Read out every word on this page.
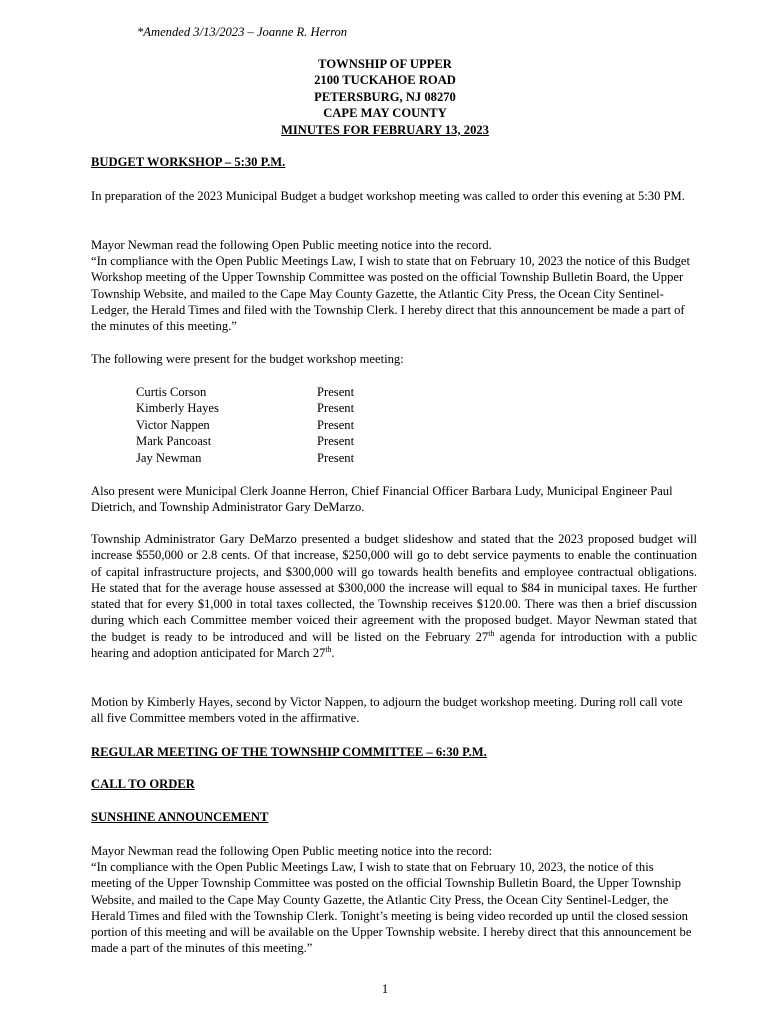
*Amended 3/13/2023 – Joanne R. Herron
TOWNSHIP OF UPPER
2100 TUCKAHOE ROAD
PETERSBURG, NJ 08270
CAPE MAY COUNTY
MINUTES FOR FEBRUARY 13, 2023
BUDGET WORKSHOP – 5:30 P.M.
In preparation of the 2023 Municipal Budget a budget workshop meeting was called to order this evening at 5:30 PM.
Mayor Newman read the following Open Public meeting notice into the record.
“In compliance with the Open Public Meetings Law, I wish to state that on February 10, 2023 the notice of this Budget Workshop meeting of the Upper Township Committee was posted on the official Township Bulletin Board, the Upper Township Website, and mailed to the Cape May County Gazette, the Atlantic City Press, the Ocean City Sentinel-Ledger, the Herald Times and filed with the Township Clerk. I hereby direct that this announcement be made a part of the minutes of this meeting.”
The following were present for the budget workshop meeting:
Curtis Corson	Present
Kimberly Hayes	Present
Victor Nappen	Present
Mark Pancoast	Present
Jay Newman	Present
Also present were Municipal Clerk Joanne Herron, Chief Financial Officer Barbara Ludy, Municipal Engineer Paul Dietrich, and Township Administrator Gary DeMarzo.
Township Administrator Gary DeMarzo presented a budget slideshow and stated that the 2023 proposed budget will increase $550,000 or 2.8 cents. Of that increase, $250,000 will go to debt service payments to enable the continuation of capital infrastructure projects, and $300,000 will go towards health benefits and employee contractual obligations. He stated that for the average house assessed at $300,000 the increase will equal to $84 in municipal taxes. He further stated that for every $1,000 in total taxes collected, the Township receives $120.00. There was then a brief discussion during which each Committee member voiced their agreement with the proposed budget. Mayor Newman stated that the budget is ready to be introduced and will be listed on the February 27th agenda for introduction with a public hearing and adoption anticipated for March 27th.
Motion by Kimberly Hayes, second by Victor Nappen, to adjourn the budget workshop meeting. During roll call vote all five Committee members voted in the affirmative.
REGULAR MEETING OF THE TOWNSHIP COMMITTEE – 6:30 P.M.
CALL TO ORDER
SUNSHINE ANNOUNCEMENT
Mayor Newman read the following Open Public meeting notice into the record:
“In compliance with the Open Public Meetings Law, I wish to state that on February 10, 2023, the notice of this meeting of the Upper Township Committee was posted on the official Township Bulletin Board, the Upper Township Website, and mailed to the Cape May County Gazette, the Atlantic City Press, the Ocean City Sentinel-Ledger, the Herald Times and filed with the Township Clerk. Tonight’s meeting is being video recorded up until the closed session portion of this meeting and will be available on the Upper Township website. I hereby direct that this announcement be made a part of the minutes of this meeting.”
1
